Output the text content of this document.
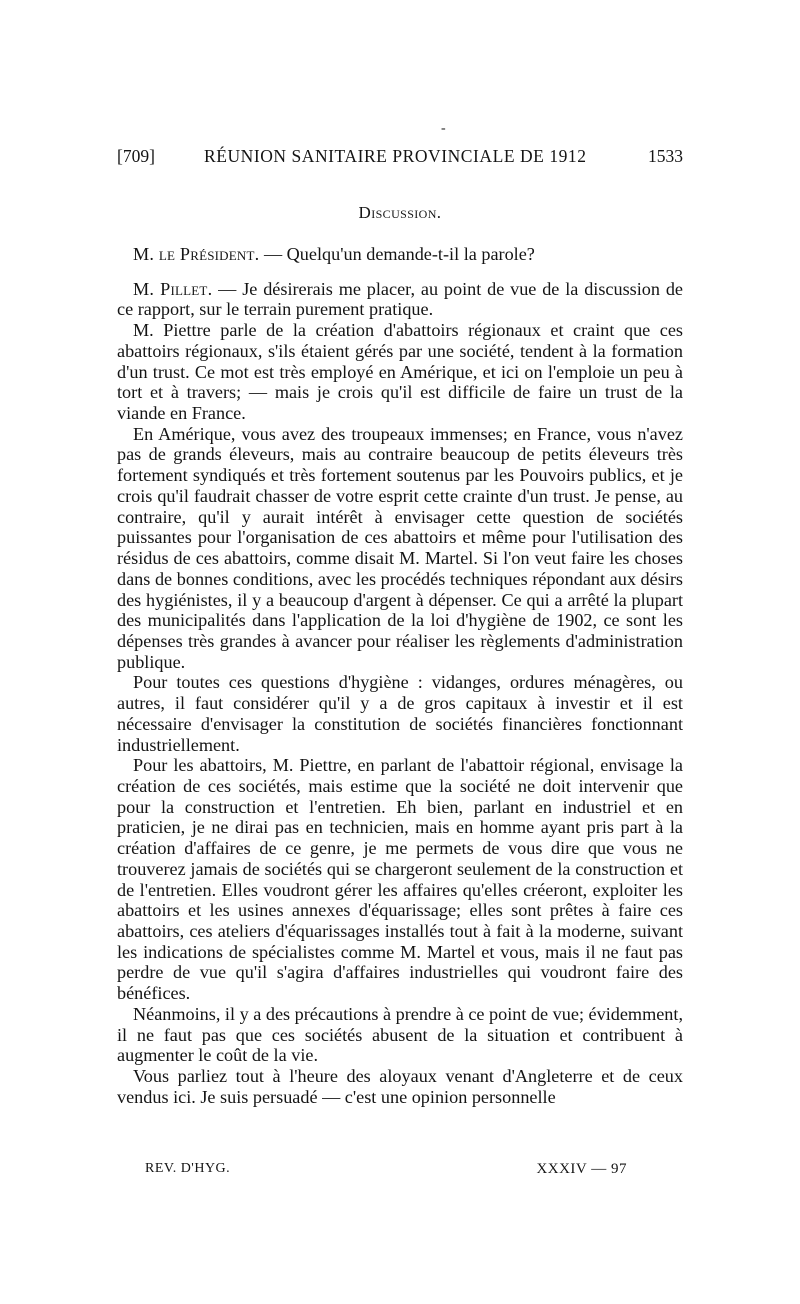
-
[709]	RÉUNION SANITAIRE PROVINCIALE DE 1912	1533
Discussion.

M. le Président. — Quelqu'un demande-t-il la parole?

M. Pillet. — Je désirerais me placer, au point de vue de la discussion de ce rapport, sur le terrain purement pratique.

M. Piettre parle de la création d'abattoirs régionaux et craint que ces abattoirs régionaux, s'ils étaient gérés par une société, tendent à la formation d'un trust. Ce mot est très employé en Amérique, et ici on l'emploie un peu à tort et à travers; — mais je crois qu'il est difficile de faire un trust de la viande en France.

En Amérique, vous avez des troupeaux immenses; en France, vous n'avez pas de grands éleveurs, mais au contraire beaucoup de petits éleveurs très fortement syndiqués et très fortement soutenus par les Pouvoirs publics, et je crois qu'il faudrait chasser de votre esprit cette crainte d'un trust. Je pense, au contraire, qu'il y aurait intérêt à envisager cette question de sociétés puissantes pour l'organisation de ces abattoirs et même pour l'utilisation des résidus de ces abattoirs, comme disait M. Martel. Si l'on veut faire les choses dans de bonnes conditions, avec les procédés techniques répondant aux désirs des hygiénistes, il y a beaucoup d'argent à dépenser. Ce qui a arrêté la plupart des municipalités dans l'application de la loi d'hygiène de 1902, ce sont les dépenses très grandes à avancer pour réaliser les règlements d'administration publique.

Pour toutes ces questions d'hygiène : vidanges, ordures ménagères, ou autres, il faut considérer qu'il y a de gros capitaux à investir et il est nécessaire d'envisager la constitution de sociétés financières fonctionnant industriellement.

Pour les abattoirs, M. Piettre, en parlant de l'abattoir régional, envisage la création de ces sociétés, mais estime que la société ne doit intervenir que pour la construction et l'entretien. Eh bien, parlant en industriel et en praticien, je ne dirai pas en technicien, mais en homme ayant pris part à la création d'affaires de ce genre, je me permets de vous dire que vous ne trouverez jamais de sociétés qui se chargeront seulement de la construction et de l'entretien. Elles voudront gérer les affaires qu'elles créeront, exploiter les abattoirs et les usines annexes d'équarissage; elles sont prêtes à faire ces abattoirs, ces ateliers d'équarissages installés tout à fait à la moderne, suivant les indications de spécialistes comme M. Martel et vous, mais il ne faut pas perdre de vue qu'il s'agira d'affaires industrielles qui voudront faire des bénéfices.

Néanmoins, il y a des précautions à prendre à ce point de vue; évidemment, il ne faut pas que ces sociétés abusent de la situation et contribuent à augmenter le coût de la vie.

Vous parliez tout à l'heure des aloyaux venant d'Angleterre et de ceux vendus ici. Je suis persuadé — c'est une opinion personnelle

REV. D'HYG.	XXXIV — 97
